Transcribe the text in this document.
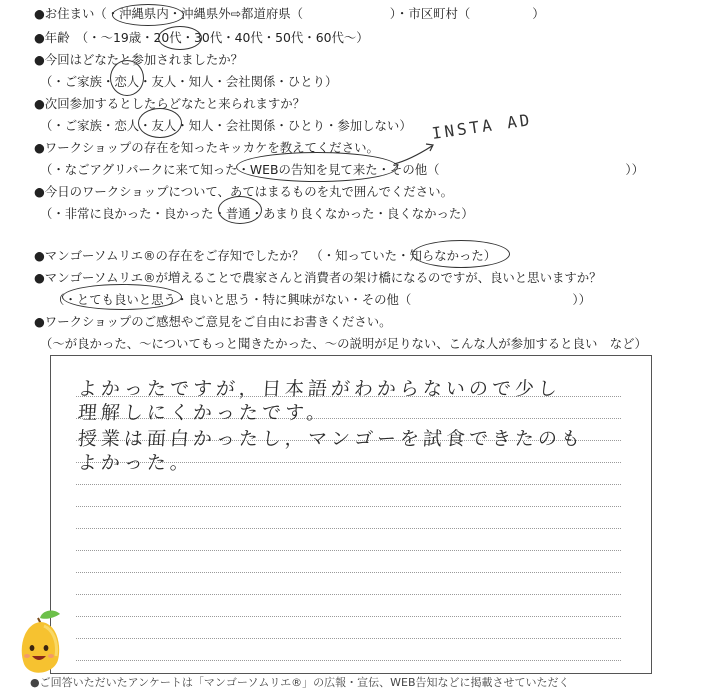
●お住まい（・沖縄県内・沖縄県外⇨都道府県（　　　　　　　）・市区町村（　　　　　）
●年齢　（・〜19歳・20代・30代・40代・50代・60代〜）
●今回はどなたと参加されましたか？
（・ご家族・恋人・友人・知人・会社関係・ひとり）
●次回参加するとしたらどなたと来られますか？
（・ご家族・恋人・友人・知人・会社関係・ひとり・参加しない）
●ワークショップの存在を知ったキッカケを教えてください。
（・なごアグリパークに来て知った・WEBの告知を見て来た・その他（　　　　　　　　　　　　　　　））
INSTA AD
●今日のワークショップについて、あてはまるものを丸で囲んでください。
（・非常に良かった・良かった・普通・あまり良くなかった・良くなかった）
●マンゴーソムリエ®の存在をご存知でしたか？　（・知っていた・知らなかった）
●マンゴーソムリエ®が増えることで農家さんと消費者の架け橋になるのですが、良いと思いますか？
（・とても良いと思う・良いと思う・特に興味がない・その他（　　　　　　　　　　　　　））
●ワークショップのご感想やご意見をご自由にお書きください。
（〜が良かった、〜についてもっと聞きたかった、〜の説明が足りない、こんな人が参加すると良い　など）
よかったですが，日本語がわからないので少し
理解しにくかったです。
授業は面白かったし，マンゴーを試食できたのも
よかった。
●ご回答いただいたアンケートは「マンゴーソムリエ®」の広報・宣伝、WEB告知などに掲載させていただく
